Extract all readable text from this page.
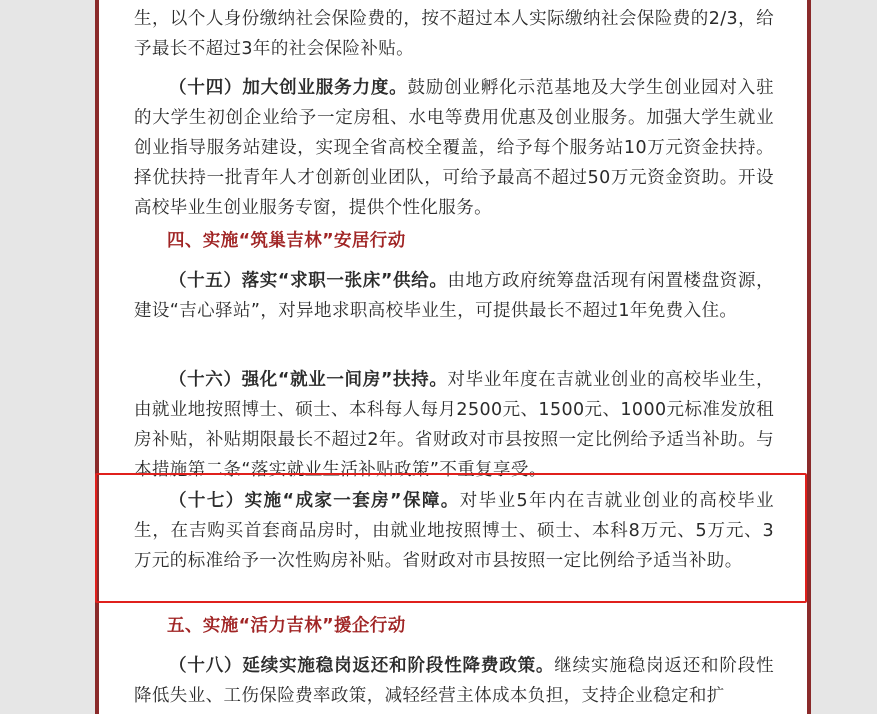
生，以个人身份缴纳社会保险费的，按不超过本人实际缴纳社会保险费的2/3，给予最长不超过3年的社会保险补贴。

（十四）加大创业服务力度。鼓励创业孵化示范基地及大学生创业园对入驻的大学生初创企业给予一定房租、水电等费用优惠及创业服务。加强大学生就业创业指导服务站建设，实现全省高校全覆盖，给予每个服务站10万元资金扶持。择优扶持一批青年人才创新创业团队，可给予最高不超过50万元资金资助。开设高校毕业生创业服务专窗，提供个性化服务。

四、实施“筑巢吉林”安居行动

（十五）落实“求职一张床”供给。由地方政府统筹盘活现有闲置楼盘资源，建设“吉心驿站”，对异地求职高校毕业生，可提供最长不超过1年免费入住。

（十六）强化“就业一间房”扶持。对毕业年度在吉就业创业的高校毕业生，由就业地按照博士、硕士、本科每人每月2500元、1500元、1000元标准发放租房补贴，补贴期限最长不超过2年。省财政对市县按照一定比例给予适当补助。与本措施第二条“落实就业生活补贴政策”不重复享受。

（十七）实施“成家一套房”保障。对毕业5年内在吉就业创业的高校毕业生，在吉购买首套商品房时，由就业地按照博士、硕士、本科8万元、5万元、3万元的标准给予一次性购房补贴。省财政对市县按照一定比例给予适当补助。

五、实施“活力吉林”援企行动

（十八）延续实施稳岗返还和阶段性降费政策。继续实施稳岗返还和阶段性降低失业、工伤保险费率政策，减轻经营主体成本负担，支持企业稳定和扩
